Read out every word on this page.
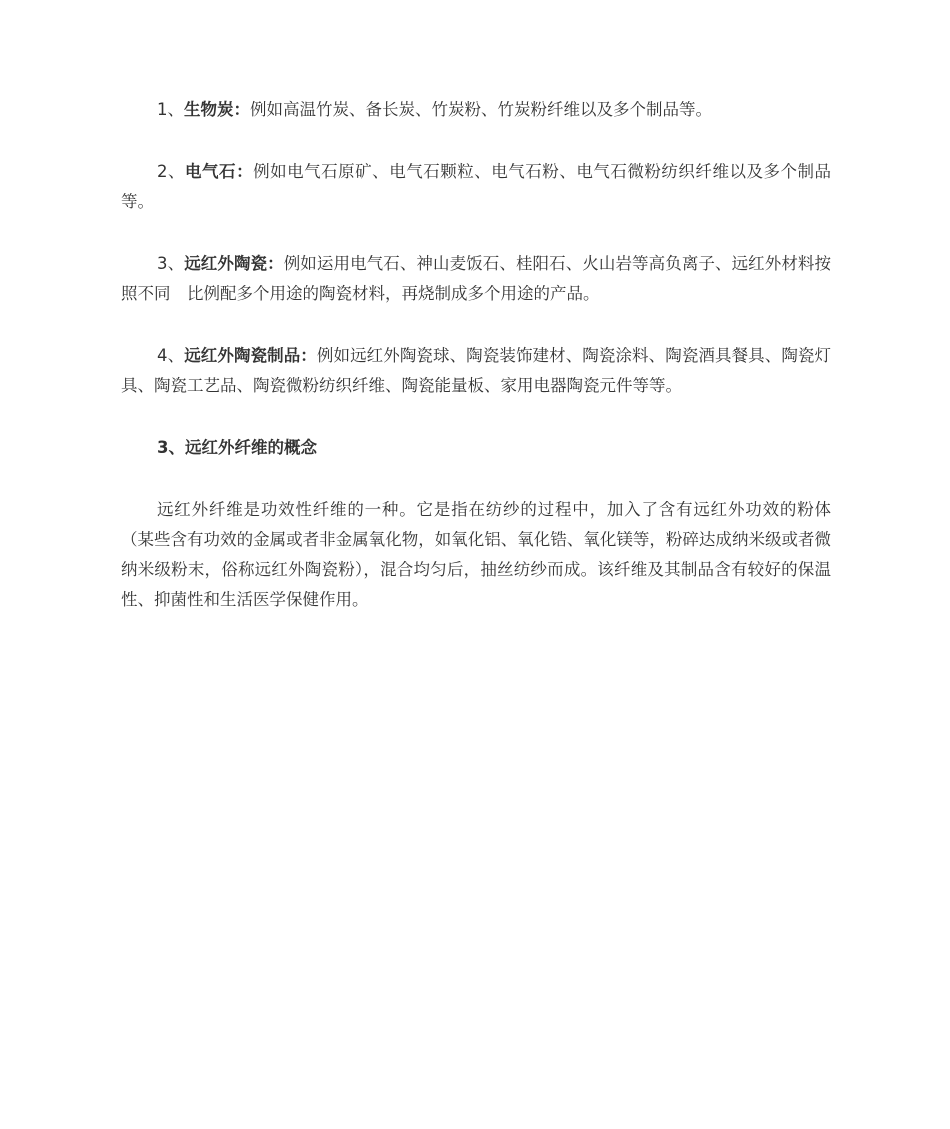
1、生物炭：例如高温竹炭、备长炭、竹炭粉、竹炭粉纤维以及多个制品等。

2、电气石：例如电气石原矿、电气石颗粒、电气石粉、电气石微粉纺织纤维以及多个制品等。

3、远红外陶瓷：例如运用电气石、神山麦饭石、桂阳石、火山岩等高负离子、远红外材料按照不同　比例配多个用途的陶瓷材料，再烧制成多个用途的产品。

4、远红外陶瓷制品：例如远红外陶瓷球、陶瓷装饰建材、陶瓷涂料、陶瓷酒具餐具、陶瓷灯具、陶瓷工艺品、陶瓷微粉纺织纤维、陶瓷能量板、家用电器陶瓷元件等等。

3、远红外纤维的概念

远红外纤维是功效性纤维的一种。它是指在纺纱的过程中，加入了含有远红外功效的粉体（某些含有功效的金属或者非金属氧化物，如氧化铝、氧化锆、氧化镁等，粉碎达成纳米级或者微纳米级粉末，俗称远红外陶瓷粉），混合均匀后，抽丝纺纱而成。该纤维及其制品含有较好的保温性、抑菌性和生活医学保健作用。
